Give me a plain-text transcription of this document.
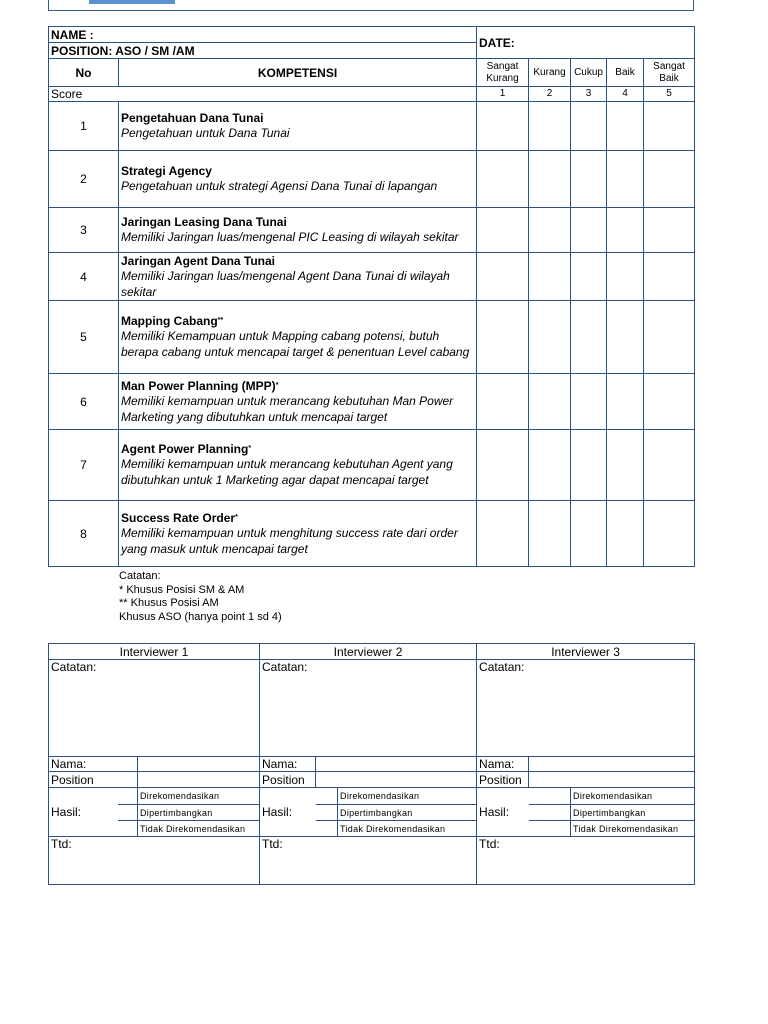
NAME :		DATE:				
POSITION: ASO / SM /AM						
No	KOMPETENSI	Sangat Kurang	Kurang	Cukup	Baik	Sangat Baik
Score		1	2	3	4	5
1	Pengetahuan Dana Tunai
Pengetahuan untuk Dana Tunai					

2	Strategi Agency
Pengetahuan untuk strategi Agensi Dana Tunai di lapangan					

3	Jaringan Leasing Dana Tunai
Memiliki Jaringan luas/mengenal PIC Leasing di wilayah sekitar					

4	Jaringan Agent Dana Tunai
Memiliki Jaringan luas/mengenal Agent Dana Tunai di wilayah sekitar					

5	Mapping Cabang**
Memiliki Kemampuan untuk Mapping cabang potensi, butuh berapa cabang untuk mencapai target & penentuan Level cabang					

6	Man Power Planning (MPP)*
Memiliki kemampuan untuk merancang kebutuhan Man Power Marketing yang dibutuhkan untuk mencapai target					

7	Agent Power Planning*
Memiliki kemampuan untuk merancang kebutuhan Agent yang dibutuhkan untuk 1 Marketing agar dapat mencapai target					

8	Success Rate Order*
Memiliki kemampuan untuk menghitung success rate dari order yang masuk untuk mencapai target					

Catatan:
* Khusus Posisi SM & AM
** Khusus Posisi AM
Khusus ASO (hanya point 1 sd 4)
Interviewer 1			Interviewer 2			Interviewer 3		
Catatan:			Catatan:			Catatan:		
Nama:			Nama:			Nama:		
Position			Position			Position		
Hasil:		Direkomendasikan	Hasil:		Direkomendasikan	Hasil:		Direkomendasikan
		Dipertimbangkan			Dipertimbangkan			Dipertimbangkan
		Tidak Direkomendasikan			Tidak Direkomendasikan			Tidak Direkomendasikan
Ttd:			Ttd:			Ttd:		
